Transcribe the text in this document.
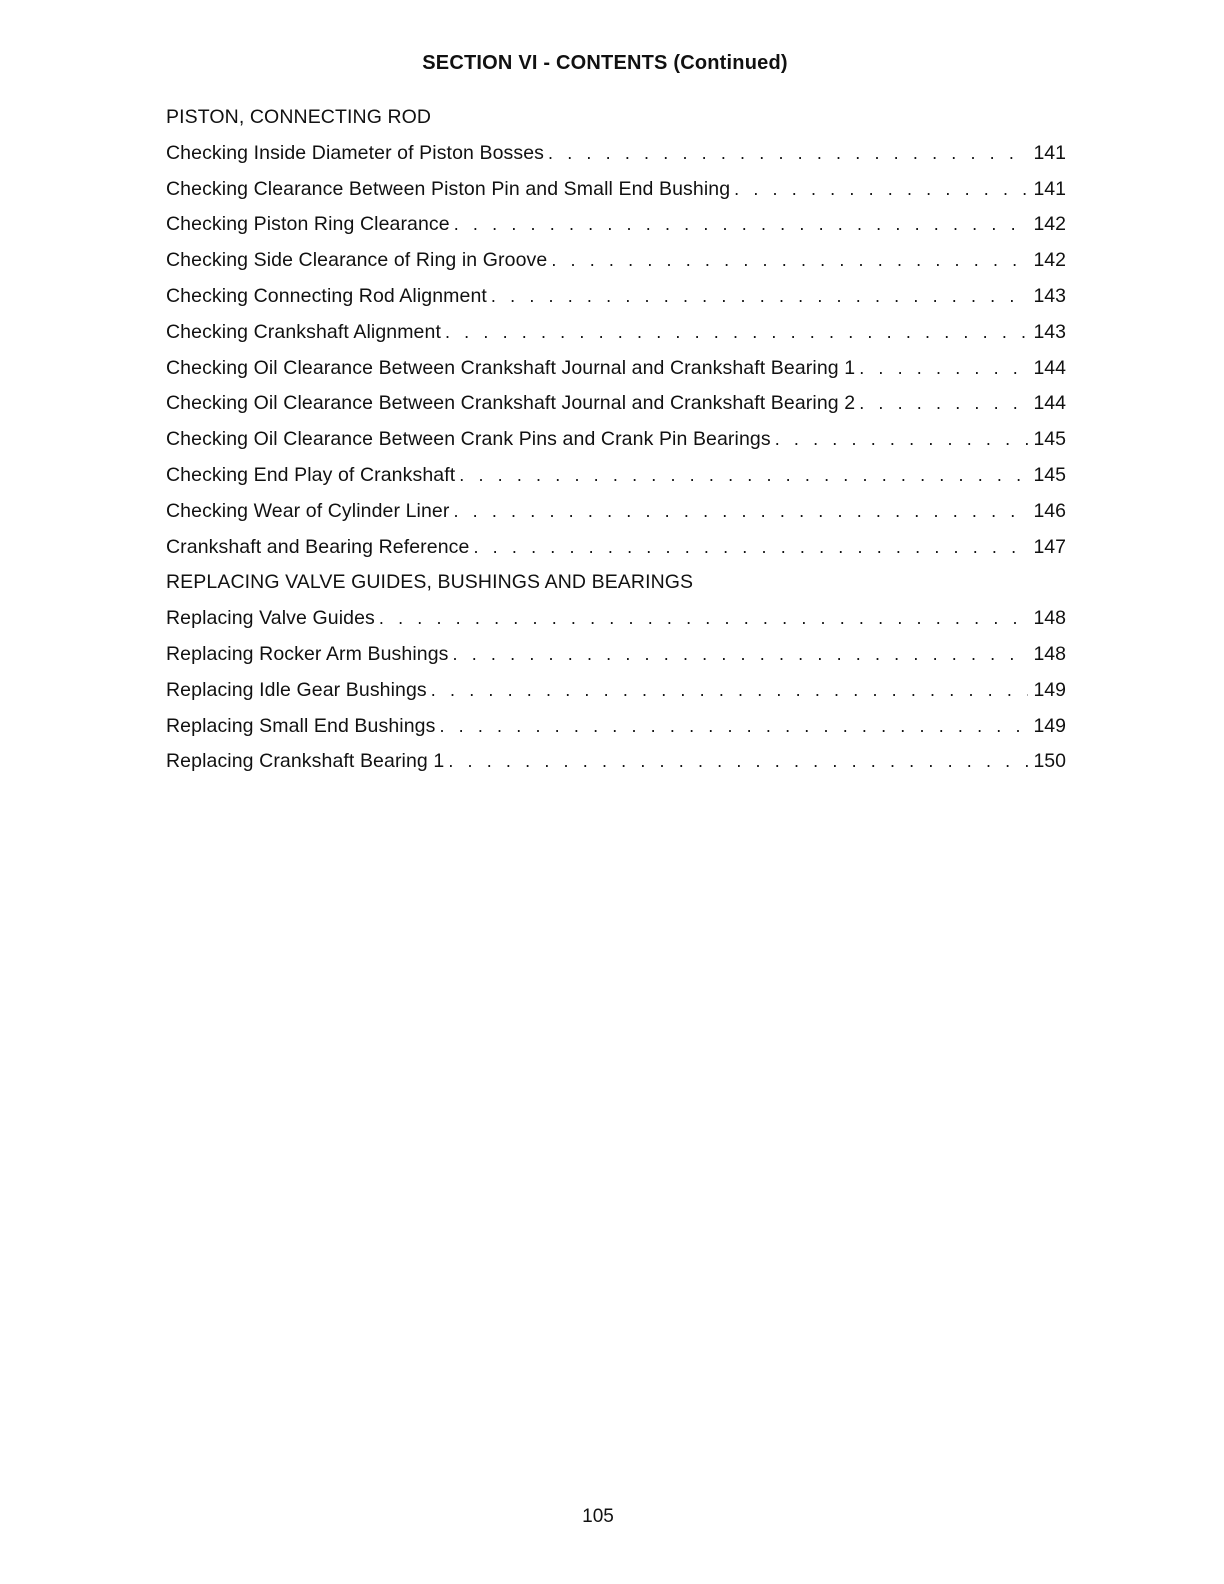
SECTION VI - CONTENTS (Continued)
PISTON, CONNECTING ROD
Checking Inside Diameter of Piston Bosses . . .	141
Checking Clearance Between Piston Pin and Small End Bushing . . .	141
Checking Piston Ring Clearance . . .	142
Checking Side Clearance of Ring in Groove . . .	142
Checking Connecting Rod Alignment . . .	143
Checking Crankshaft Alignment . . .	143
Checking Oil Clearance Between Crankshaft Journal and Crankshaft Bearing 1 . . .	144
Checking Oil Clearance Between Crankshaft Journal and Crankshaft Bearing 2 . . .	144
Checking Oil Clearance Between Crank Pins and Crank Pin Bearings . . .	145
Checking End Play of Crankshaft . . .	145
Checking Wear of Cylinder Liner . . .	146
Crankshaft and Bearing Reference . . .	147
REPLACING VALVE GUIDES, BUSHINGS AND BEARINGS
Replacing Valve Guides . . .	148
Replacing Rocker Arm Bushings . . .	148
Replacing Idle Gear Bushings . . .	149
Replacing Small End Bushings . . .	149
Replacing Crankshaft Bearing 1 . . .	150
105
